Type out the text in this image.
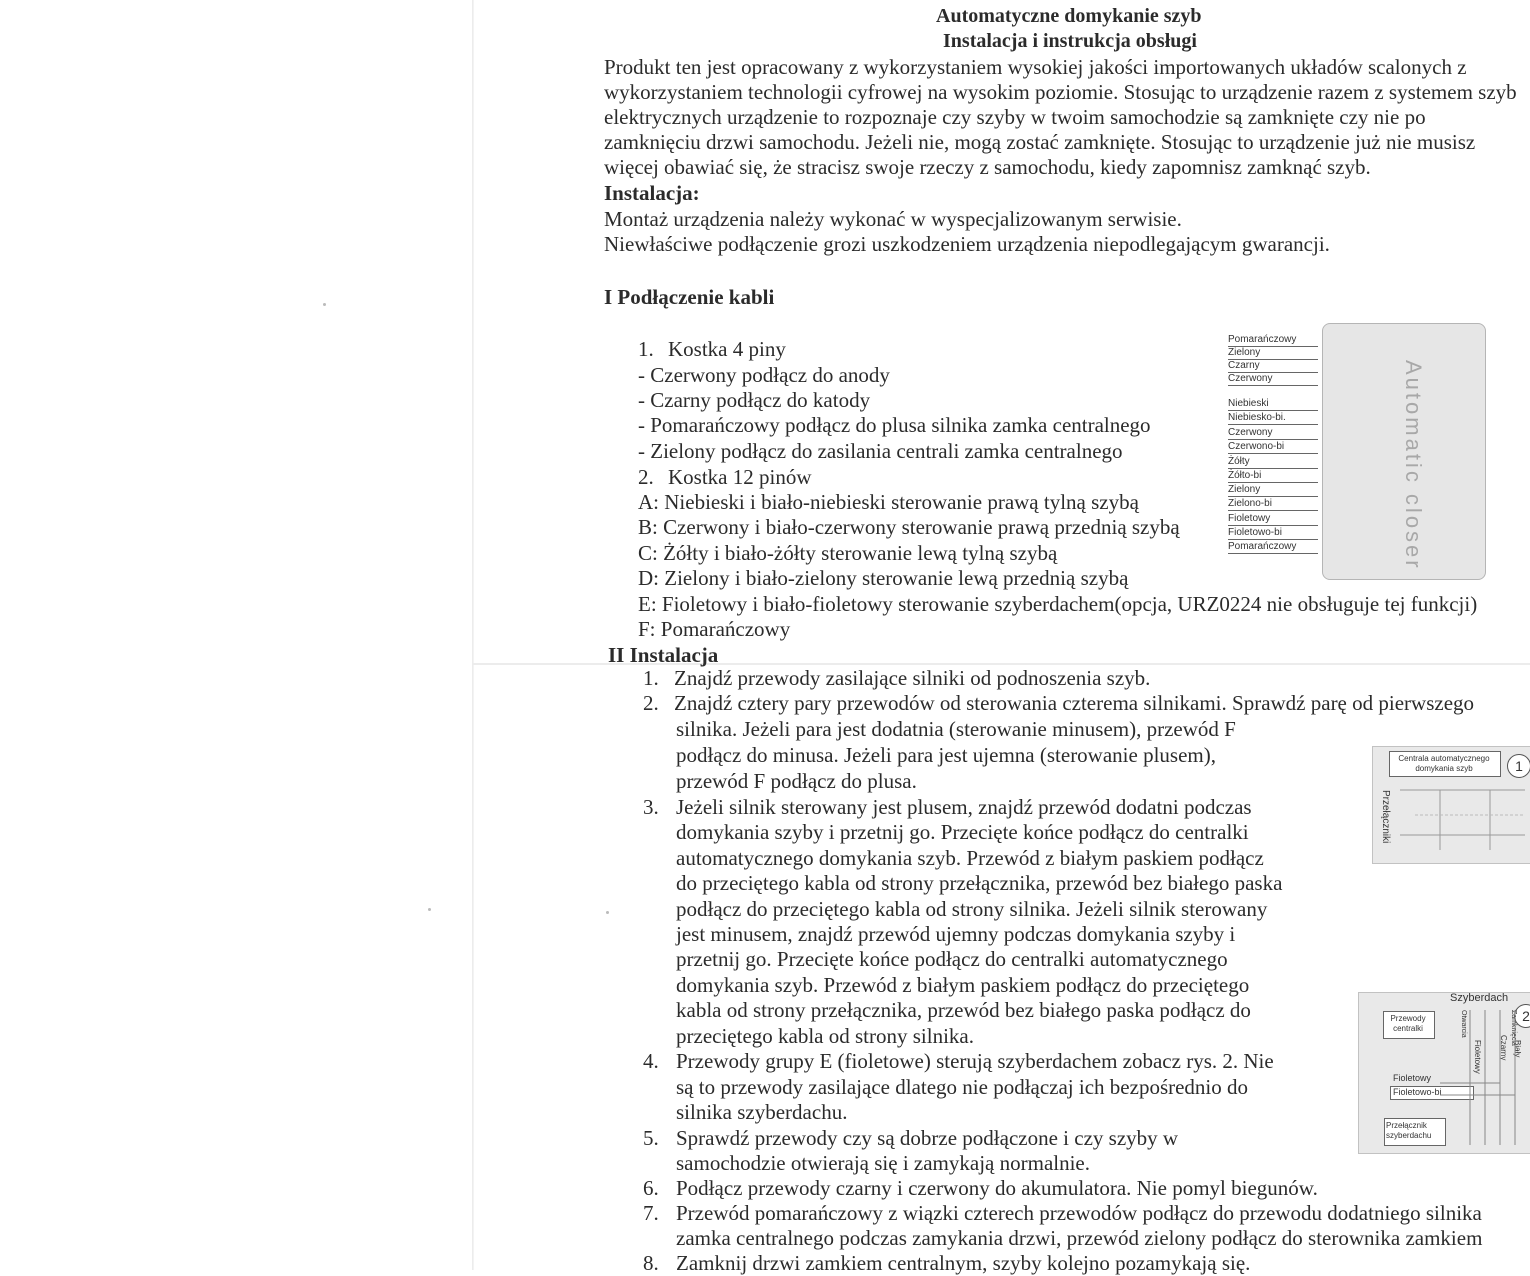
Automatyczne domykanie szyb
Instalacja i instrukcja obsługi
Produkt ten jest opracowany z wykorzystaniem wysokiej jakości importowanych układów scalonych z
wykorzystaniem technologii cyfrowej na wysokim poziomie. Stosując to urządzenie razem z systemem szyb
elektrycznych urządzenie to rozpoznaje czy szyby w twoim samochodzie są zamknięte czy nie po
zamknięciu drzwi samochodu. Jeżeli nie, mogą zostać zamknięte. Stosując to urządzenie już nie musisz
więcej obawiać się, że stracisz swoje rzeczy z samochodu, kiedy zapomnisz zamknąć szyb.
Instalacja:
Montaż urządzenia należy wykonać w wyspecjalizowanym serwisie.
Niewłaściwe podłączenie grozi uszkodzeniem urządzenia niepodlegającym gwarancji.
I Podłączenie kabli
1. Kostka 4 piny
- Czerwony podłącz do anody
- Czarny podłącz do katody
- Pomarańczowy podłącz do plusa silnika zamka centralnego
- Zielony podłącz do zasilania centrali zamka centralnego
2. Kostka 12 pinów
A: Niebieski i biało-niebieski sterowanie prawą tylną szybą
B: Czerwony i biało-czerwony sterowanie prawą przednią szybą
C: Żółty i biało-żółty sterowanie lewą tylną szybą
D: Zielony i biało-zielony sterowanie lewą przednią szybą
E: Fioletowy i biało-fioletowy sterowanie szyberdachem(opcja, URZ0224 nie obsługuje tej funkcji)
F: Pomarańczowy
Automatic closer
Pomarańczowy
Zielony
Czarny
Czerwony
Niebieski
Niebiesko-bi.
Czerwony
Czerwono-bi
Żółty
Żółto-bi
Zielony
Zielono-bi
Fioletowy
Fioletowo-bi
Pomarańczowy
II Instalacja
1. Znajdź przewody zasilające silniki od podnoszenia szyb.
2. Znajdź cztery pary przewodów od sterowania czterema silnikami. Sprawdź parę od pierwszego
silnika. Jeżeli para jest dodatnia (sterowanie minusem), przewód F
podłącz do minusa. Jeżeli para jest ujemna (sterowanie plusem),
przewód F podłącz do plusa.
3. Jeżeli silnik sterowany jest plusem, znajdź przewód dodatni podczas
domykania szyby i przetnij go. Przecięte końce podłącz do centralki
automatycznego domykania szyb. Przewód z białym paskiem podłącz
do przeciętego kabla od strony przełącznika, przewód bez białego paska
podłącz do przeciętego kabla od strony silnika. Jeżeli silnik sterowany
jest minusem, znajdź przewód ujemny podczas domykania szyby i
przetnij go. Przecięte końce podłącz do centralki automatycznego
domykania szyb. Przewód z białym paskiem podłącz do przeciętego
kabla od strony przełącznika, przewód bez białego paska podłącz do
przeciętego kabla od strony silnika.
4. Przewody grupy E (fioletowe) sterują szyberdachem zobacz rys. 2. Nie
są to przewody zasilające dlatego nie podłączaj ich bezpośrednio do
silnika szyberdachu.
5. Sprawdź przewody czy są dobrze podłączone i czy szyby w
samochodzie otwierają się i zamykają normalnie.
6. Podłącz przewody czarny i czerwony do akumulatora. Nie pomyl biegunów.
7. Przewód pomarańczowy z wiązki czterech przewodów podłącz do przewodu dodatniego silnika
zamka centralnego podczas zamykania drzwi, przewód zielony podłącz do sterownika zamkiem
8. Zamknij drzwi zamkiem centralnym, szyby kolejno pozamykają się.
Centrala automatycznego domykania szyb	1
Przełączniki
Szyberdach
2
Przewody centralki	Otwarcia	Zamknięcia
Czarny Biały
Fioletowy
Fioletowy
Fioletowo-bi
Przełącznik szyberdachu
